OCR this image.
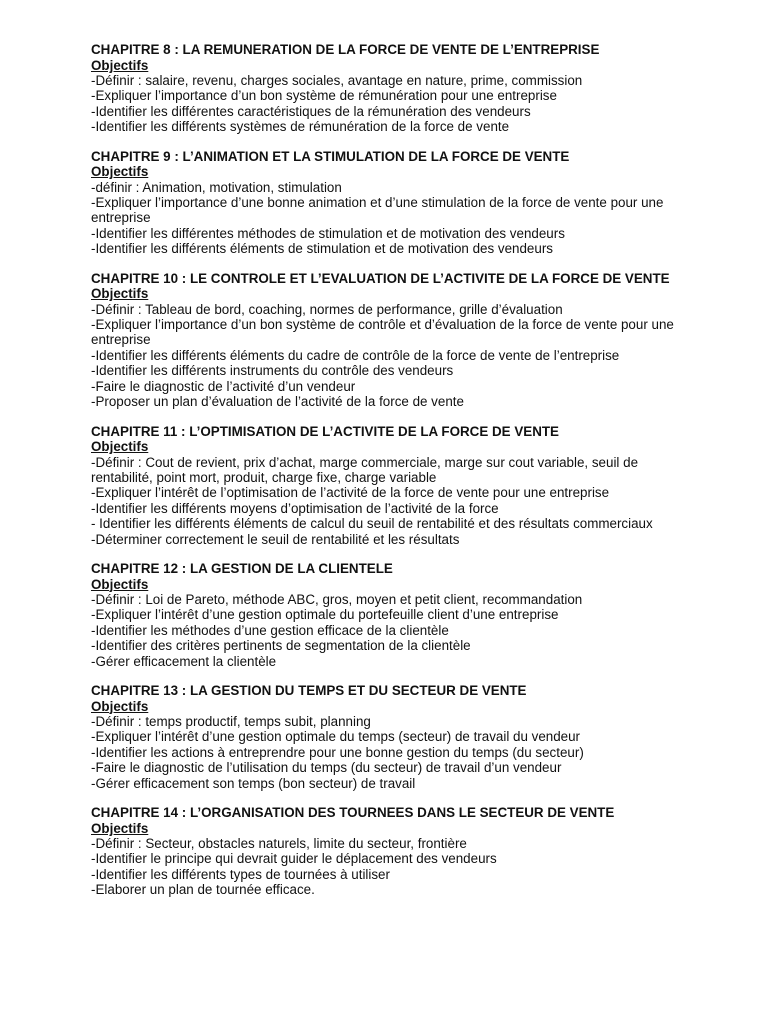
CHAPITRE 8 : LA REMUNERATION DE LA FORCE DE VENTE DE L’ENTREPRISE
Objectifs
-Définir : salaire, revenu, charges sociales, avantage en nature, prime, commission
-Expliquer l’importance d’un bon système de rémunération pour une entreprise
-Identifier les différentes caractéristiques de la rémunération des vendeurs
-Identifier les différents systèmes de rémunération de la force de vente
CHAPITRE 9 : L’ANIMATION ET LA STIMULATION DE LA FORCE DE VENTE
Objectifs
-définir : Animation, motivation, stimulation
-Expliquer l’importance d’une bonne animation et d’une stimulation de la force de vente pour une entreprise
-Identifier les différentes méthodes de stimulation et de motivation des vendeurs
-Identifier les différents éléments de stimulation et de motivation des vendeurs
CHAPITRE 10 : LE CONTROLE ET L’EVALUATION DE L’ACTIVITE DE LA FORCE DE VENTE
Objectifs
-Définir : Tableau de bord, coaching, normes de performance, grille d’évaluation
-Expliquer l’importance d’un bon système de contrôle et d’évaluation de la force de vente pour une entreprise
-Identifier les différents éléments du cadre de contrôle de la force de vente de l’entreprise
-Identifier les différents instruments du contrôle des vendeurs
-Faire le diagnostic de l’activité d’un vendeur
-Proposer un plan d’évaluation de l’activité de la force de vente
CHAPITRE 11 : L’OPTIMISATION DE L’ACTIVITE DE LA FORCE DE VENTE
Objectifs
-Définir : Cout de revient, prix d’achat, marge commerciale, marge sur cout variable, seuil de rentabilité, point mort, produit, charge fixe, charge variable
-Expliquer l’intérêt de l’optimisation de l’activité de la force de vente pour une entreprise
-Identifier les différents moyens d’optimisation de l’activité de la force
- Identifier les différents éléments de calcul du seuil de rentabilité et des résultats commerciaux
-Déterminer correctement le seuil de rentabilité et les résultats
CHAPITRE 12 : LA GESTION DE LA CLIENTELE
Objectifs
-Définir : Loi de Pareto, méthode ABC, gros, moyen et petit client, recommandation
-Expliquer l’intérêt d’une gestion optimale du portefeuille client d’une entreprise
-Identifier les méthodes d’une gestion efficace de la clientèle
-Identifier des critères pertinents de segmentation de la clientèle
-Gérer efficacement la clientèle
CHAPITRE 13 : LA GESTION DU TEMPS ET DU SECTEUR DE VENTE
Objectifs
-Définir : temps productif, temps subit, planning
-Expliquer l’intérêt d’une gestion optimale du temps (secteur) de travail du vendeur
-Identifier les actions à entreprendre pour une bonne gestion du temps (du secteur)
-Faire le diagnostic de l’utilisation du temps (du secteur) de travail d’un vendeur
-Gérer efficacement son temps (bon secteur) de travail
CHAPITRE 14 : L’ORGANISATION DES TOURNEES DANS LE SECTEUR DE VENTE
Objectifs
-Définir : Secteur, obstacles naturels, limite du secteur, frontière
-Identifier le principe qui devrait guider le déplacement des vendeurs
-Identifier les différents types de tournées à utiliser
-Elaborer un plan de tournée efficace.
